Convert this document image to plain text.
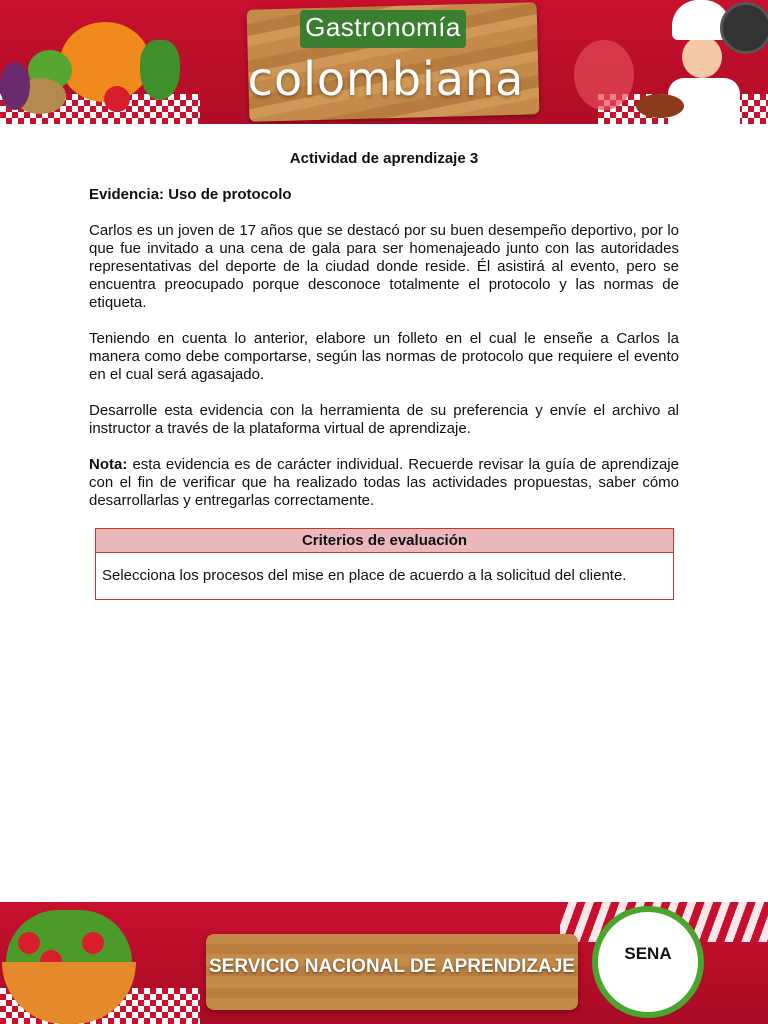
Gastronomía
colombiana

Actividad de aprendizaje 3

Evidencia: Uso de protocolo

Carlos es un joven de 17 años que se destacó por su buen desempeño deportivo, por lo que fue invitado a una cena de gala para ser homenajeado junto con las autoridades representativas del deporte de la ciudad donde reside. Él asistirá al evento, pero se encuentra preocupado porque desconoce totalmente el protocolo y las normas de etiqueta.

Teniendo en cuenta lo anterior, elabore un folleto en el cual le enseñe a Carlos la manera como debe comportarse, según las normas de protocolo que requiere el evento en el cual será agasajado.

Desarrolle esta evidencia con la herramienta de su preferencia y envíe el archivo al instructor a través de la plataforma virtual de aprendizaje.

Nota: esta evidencia es de carácter individual. Recuerde revisar la guía de aprendizaje con el fin de verificar que ha realizado todas las actividades propuestas, saber cómo desarrollarlas y entregarlas correctamente.

Criterios de evaluación
Selecciona los procesos del mise en place de acuerdo a la solicitud del cliente.
SERVICIO NACIONAL DE APRENDIZAJE
SENA
